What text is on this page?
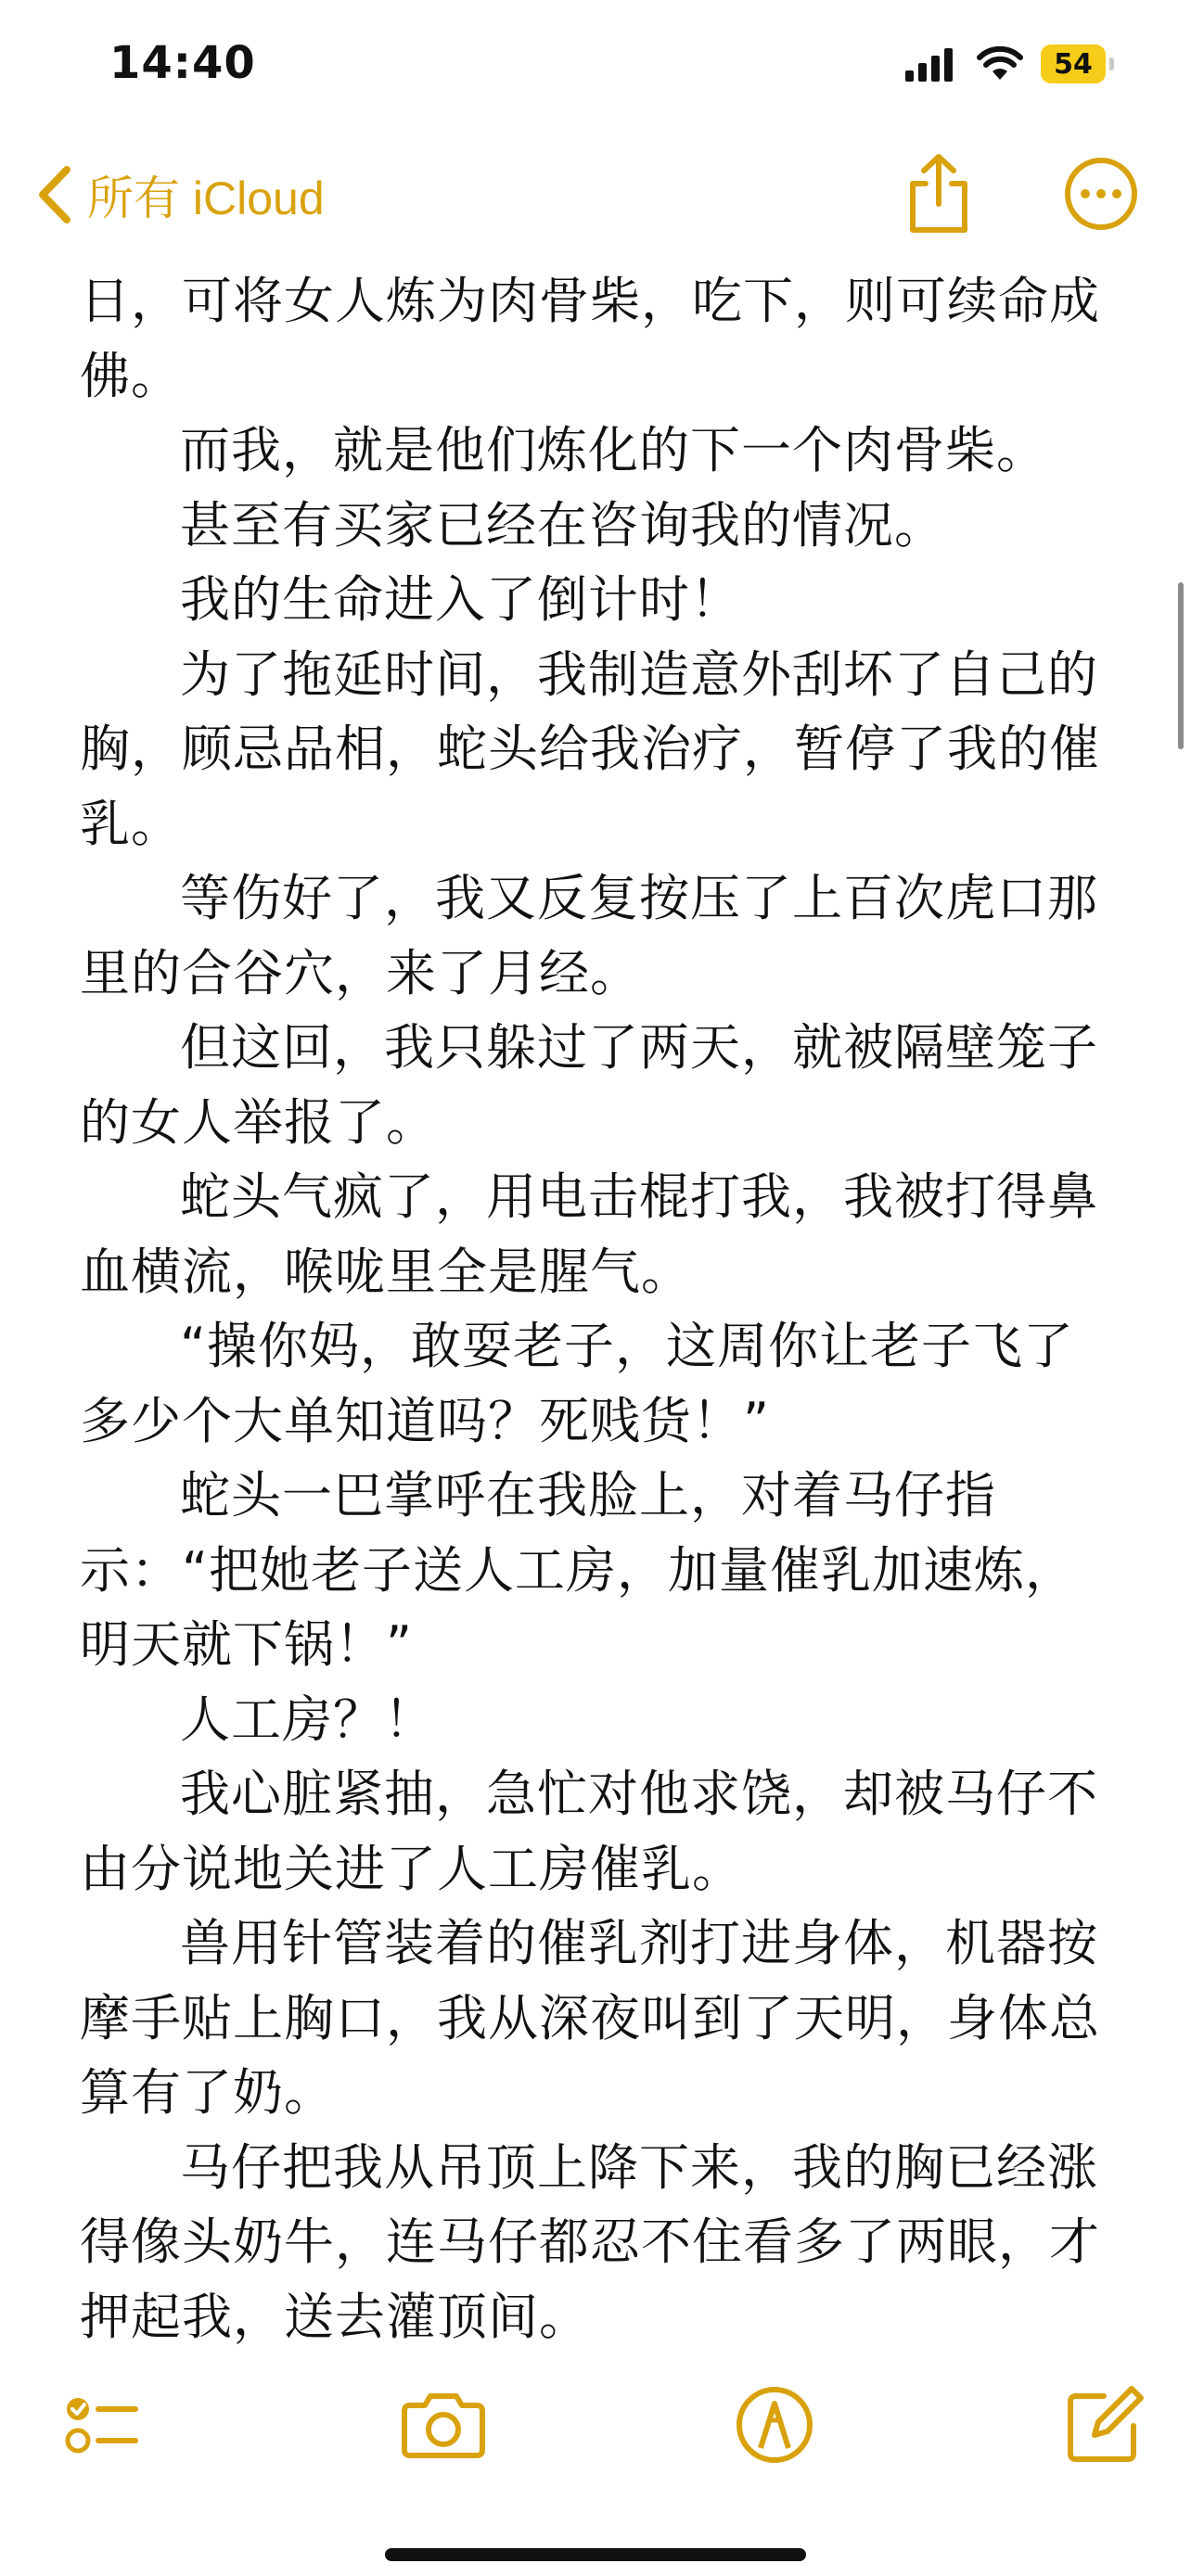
日，可将女人炼为肉骨柴，吃下，则可续命成佛。

而我，就是他们炼化的下一个肉骨柴。

甚至有买家已经在咨询我的情况。

我的生命进入了倒计时！

为了拖延时间，我制造意外刮坏了自己的胸，顾忌品相，蛇头给我治疗，暂停了我的催乳。

等伤好了，我又反复按压了上百次虎口那里的合谷穴，来了月经。

但这回，我只躲过了两天，就被隔壁笼子的女人举报了。

蛇头气疯了，用电击棍打我，我被打得鼻血横流，喉咙里全是腥气。

“操你妈，敢耍老子，这周你让老子飞了多少个大单知道吗？死贱货！”

蛇头一巴掌呼在我脸上，对着马仔指示：“把她老子送人工房，加量催乳加速炼，明天就下锅！”

人工房？！

我心脏紧抽，急忙对他求饶，却被马仔不由分说地关进了人工房催乳。

兽用针管装着的催乳剂打进身体，机器按摩手贴上胸口，我从深夜叫到了天明，身体总算有了奶。

马仔把我从吊顶上降下来，我的胸已经涨得像头奶牛，连马仔都忍不住看多了两眼，才押起我，送去灌顶间。

14:40	54
所有 iCloud
